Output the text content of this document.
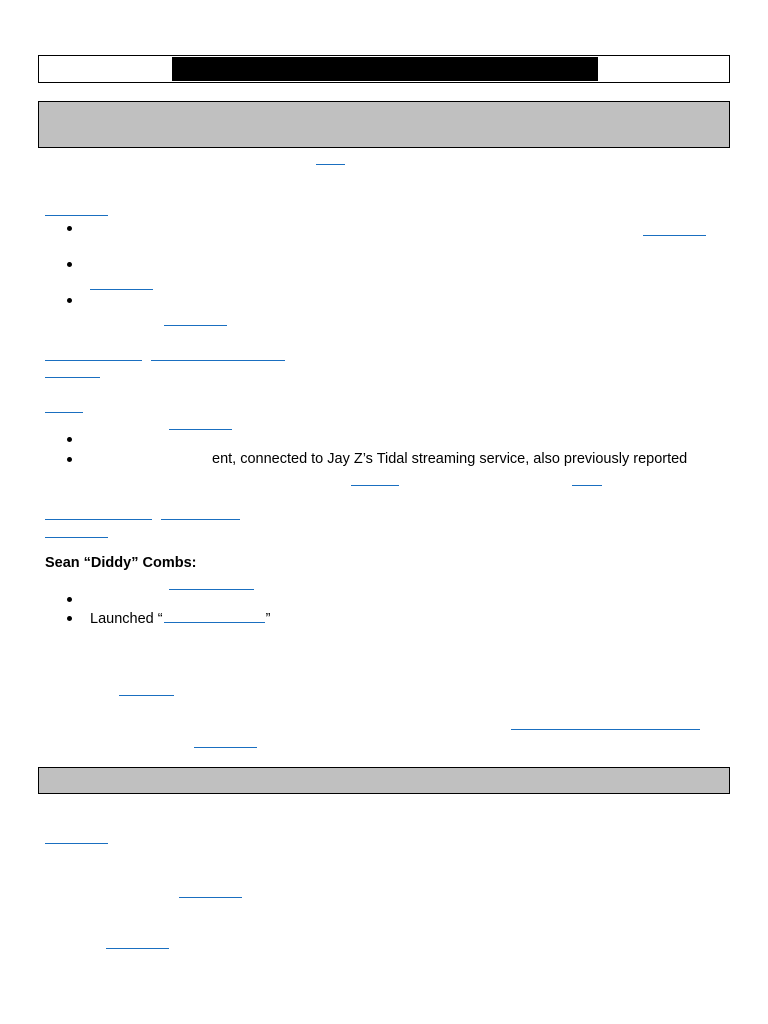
ent, connected to Jay Z’s Tidal streaming service, also previously reported
Sean “Diddy” Combs:
Launched “	”
